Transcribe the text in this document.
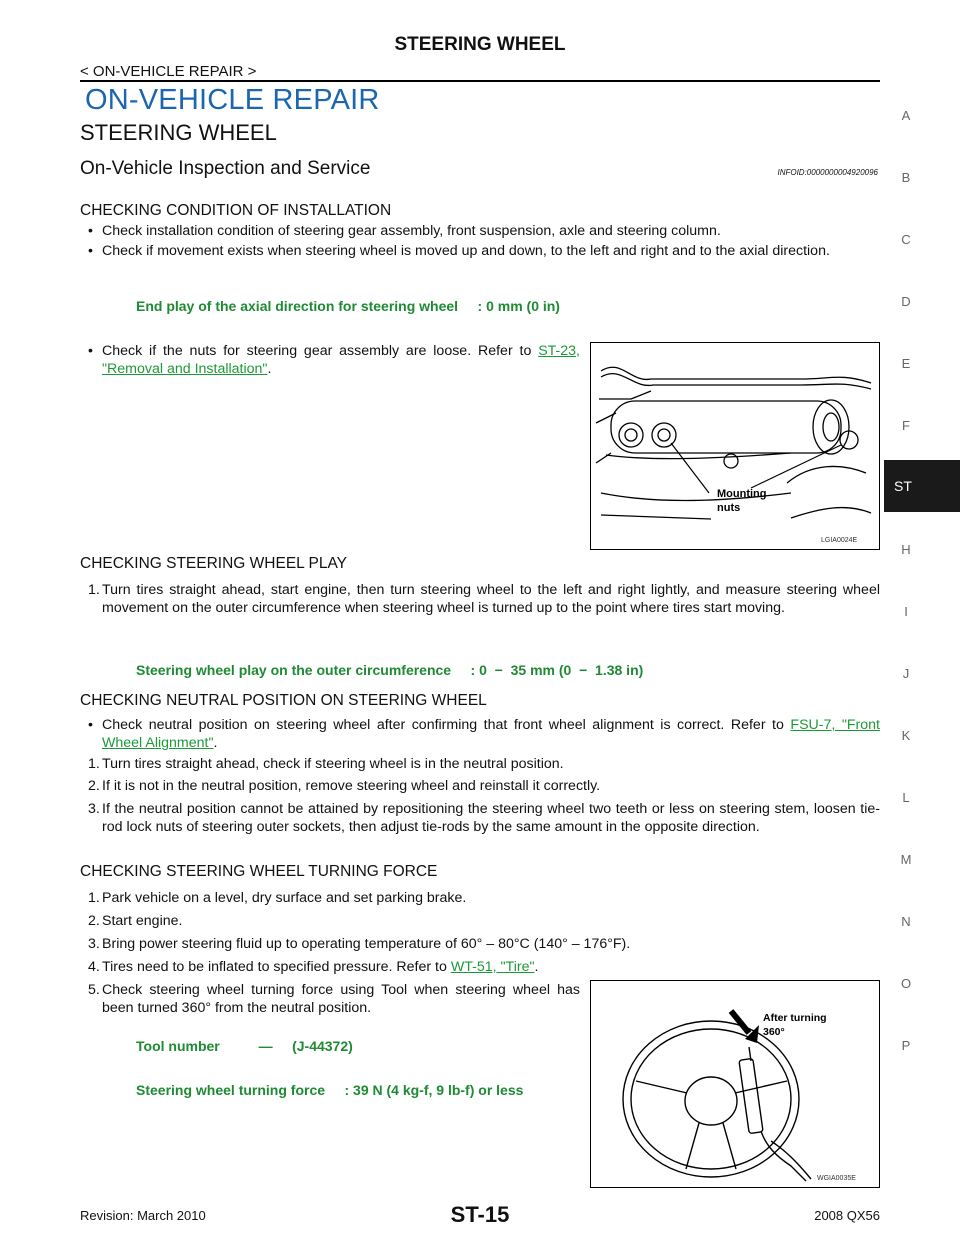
STEERING WHEEL
< ON-VEHICLE REPAIR >
ON-VEHICLE REPAIR
STEERING WHEEL
On-Vehicle Inspection and Service	INFOID:0000000004920096
CHECKING CONDITION OF INSTALLATION
• Check installation condition of steering gear assembly, front suspension, axle and steering column.
• Check if movement exists when steering wheel is moved up and down, to the left and right and to the axial direction.
End play of the axial direction for steering wheel     : 0 mm (0 in)
• Check if the nuts for steering gear assembly are loose. Refer to ST-23, "Removal and Installation".
Mounting
nuts
LGIA0024E
CHECKING STEERING WHEEL PLAY
1. Turn tires straight ahead, start engine, then turn steering wheel to the left and right lightly, and measure steering wheel movement on the outer circumference when steering wheel is turned up to the point where tires start moving.
Steering wheel play on the outer circumference     : 0  −  35 mm (0  −  1.38 in)
CHECKING NEUTRAL POSITION ON STEERING WHEEL
• Check neutral position on steering wheel after confirming that front wheel alignment is correct. Refer to FSU-7, "Front Wheel Alignment".
1. Turn tires straight ahead, check if steering wheel is in the neutral position.
2. If it is not in the neutral position, remove steering wheel and reinstall it correctly.
3. If the neutral position cannot be attained by repositioning the steering wheel two teeth or less on steering stem, loosen tie-rod lock nuts of steering outer sockets, then adjust tie-rods by the same amount in the opposite direction.
CHECKING STEERING WHEEL TURNING FORCE
1. Park vehicle on a level, dry surface and set parking brake.
2. Start engine.
3. Bring power steering fluid up to operating temperature of 60° – 80°C (140° – 176°F).
4. Tires need to be inflated to specified pressure. Refer to WT-51, "Tire".
5. Check steering wheel turning force using Tool when steering wheel has been turned 360° from the neutral position.
Tool number          —     (J-44372)
Steering wheel turning force     : 39 N (4 kg-f, 9 lb-f) or less
After turning
360°
WGIA0035E
A
B
C
D
E
F
ST
H
I
J
K
L
M
N
O
P
Revision: March 2010	ST-15	2008 QX56
